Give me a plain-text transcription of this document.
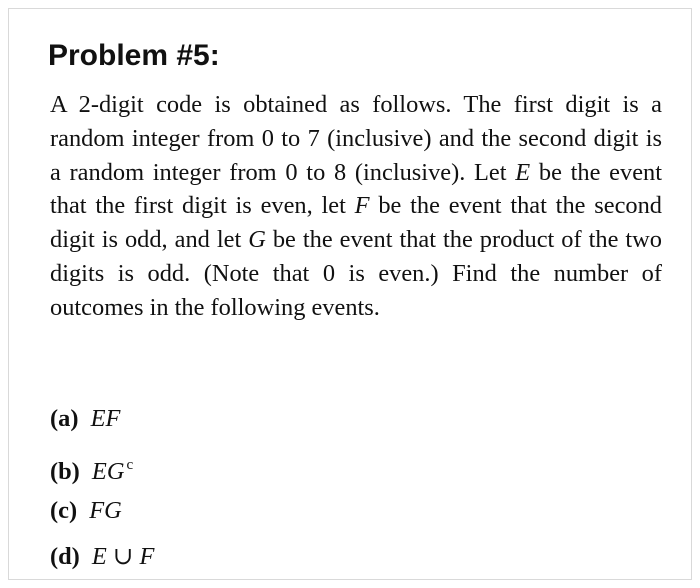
Problem #5:

A 2-digit code is obtained as follows. The first digit is a random integer from 0 to 7 (inclusive) and the second digit is a random integer from 0 to 8 (inclusive). Let E be the event that the first digit is even, let F be the event that the second digit is odd, and let G be the event that the product of the two digits is odd. (Note that 0 is even.) Find the number of outcomes in the following events.

(a) EF
(b) EG $^c$
(c) FG
(d) E ∪ F
